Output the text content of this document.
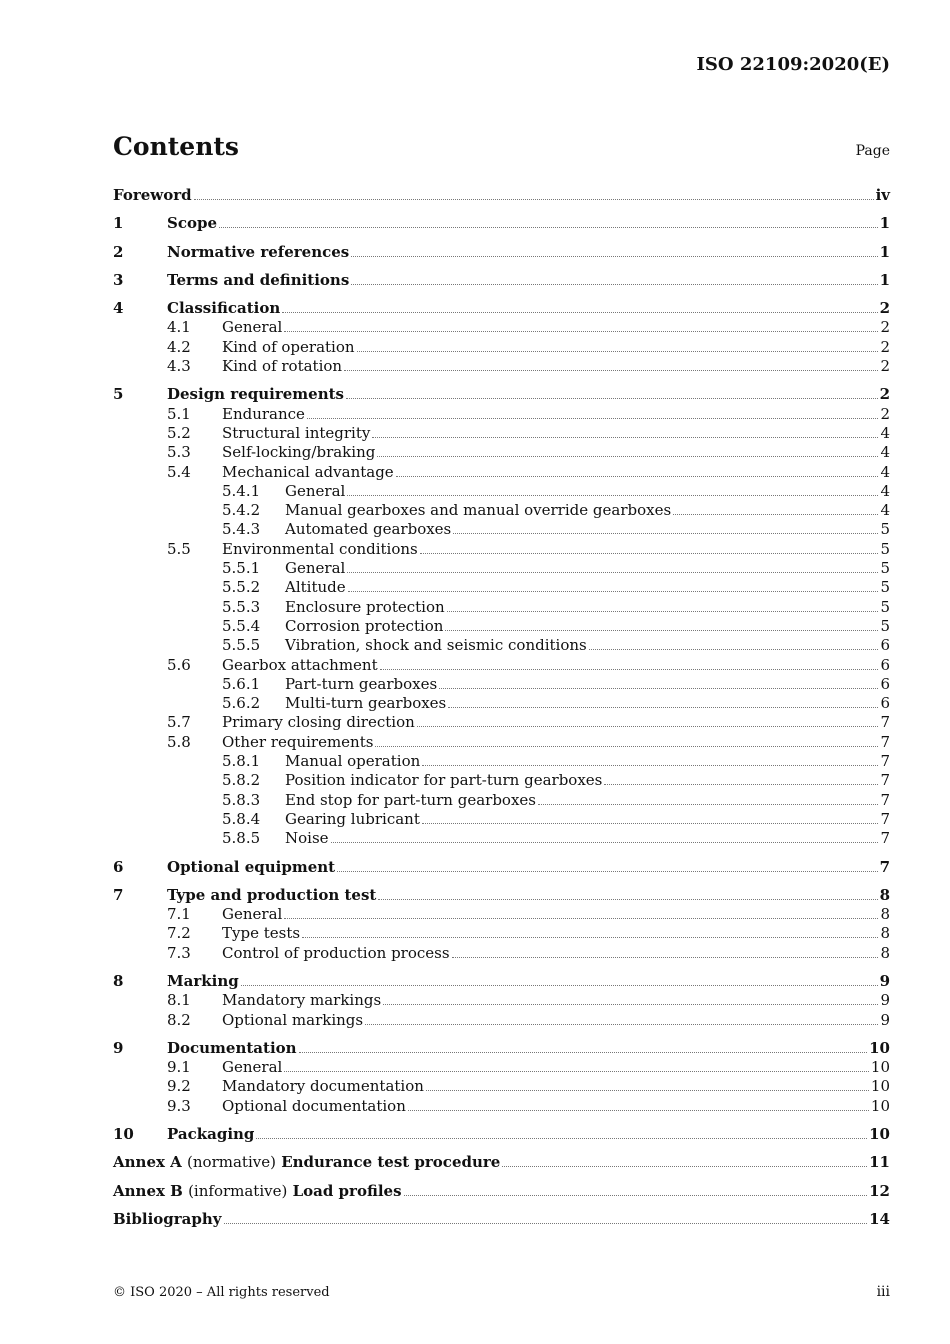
ISO 22109:2020(E)
Contents	Page
Foreword	iv
1	Scope	1
2	Normative references	1
3	Terms and definitions	1
4	Classification	2
4.1 General	2
4.2 Kind of operation	2
4.3 Kind of rotation	2
5	Design requirements	2
5.1 Endurance	2
5.2 Structural integrity	4
5.3 Self-locking/braking	4
5.4 Mechanical advantage	4
5.4.1 General	4
5.4.2 Manual gearboxes and manual override gearboxes	4
5.4.3 Automated gearboxes	5
5.5 Environmental conditions	5
5.5.1 General	5
5.5.2 Altitude	5
5.5.3 Enclosure protection	5
5.5.4 Corrosion protection	5
5.5.5 Vibration, shock and seismic conditions	6
5.6 Gearbox attachment	6
5.6.1 Part-turn gearboxes	6
5.6.2 Multi-turn gearboxes	6
5.7 Primary closing direction	7
5.8 Other requirements	7
5.8.1 Manual operation	7
5.8.2 Position indicator for part-turn gearboxes	7
5.8.3 End stop for part-turn gearboxes	7
5.8.4 Gearing lubricant	7
5.8.5 Noise	7
6	Optional equipment	7
7	Type and production test	8
7.1 General	8
7.2 Type tests	8
7.3 Control of production process	8
8	Marking	9
8.1 Mandatory markings	9
8.2 Optional markings	9
9	Documentation	10
9.1 General	10
9.2 Mandatory documentation	10
9.3 Optional documentation	10
10 Packaging	10
Annex A (normative) Endurance test procedure	11
Annex B (informative) Load profiles	12
Bibliography	14
© ISO 2020 – All rights reserved	iii
